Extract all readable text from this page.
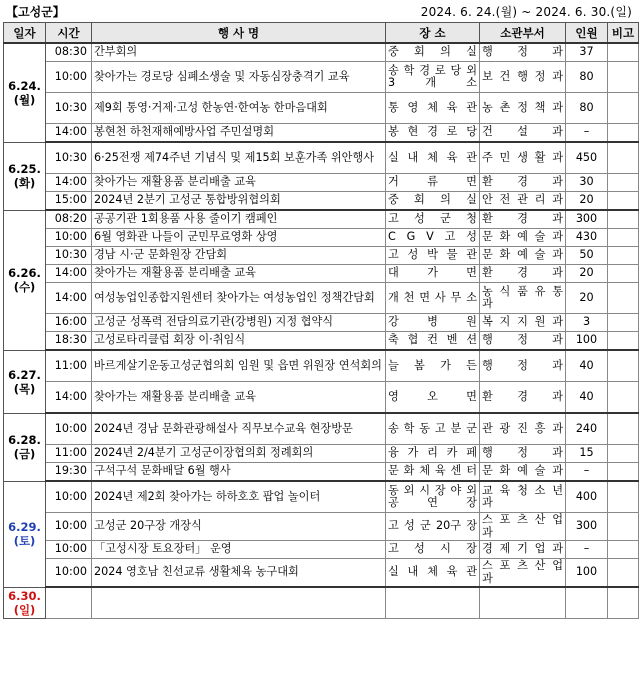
【고성군】	2024. 6. 24.(월) ~ 2024. 6. 30.(일)
일자	시간	행 사 명	장 소	소관부서	인원	비고

6.24.
(월)	08:30	간부회의	중 회 의 실	행 정 과	37	
	10:00	찾아가는 경로당 심폐소생술 및 자동심장충격기 교육	송 학 경 로 당 외 3 개 소	보 건 행 정 과	80	
	10:30	제9회 통영·거제·고성 한농연·한여농 한마음대회	통 영 체 육 관	농 촌 정 책 과	80	
	14:00	봉현천 하천재해예방사업 주민설명회	봉 현 경 로 당	건 설 과	–	

6.25.
(화)	10:30	6·25전쟁 제74주년 기념식 및 제15회 보훈가족 위안행사	실 내 체 육 관	주 민 생 활 과	450	
	14:00	찾아가는 재활용품 분리배출 교육	거 류 면	환 경 과	30	
	15:00	2024년 2분기 고성군 통합방위협의회	중 회 의 실	안 전 관 리 과	20	

6.26.
(수)	08:20	공공기관 1회용품 사용 줄이기 캠페인	고 성 군 청	환 경 과	300	
	10:00	6월 영화관 나들이 군민무료영화 상영	C G V 고 성	문 화 예 술 과	430	
	10:30	경남 시·군 문화원장 간담회	고 성 박 물 관	문 화 예 술 과	50	
	14:00	찾아가는 재활용품 분리배출 교육	대 가 면	환 경 과	20	
	14:00	여성농업인종합지원센터 찾아가는 여성농업인 정책간담회	개 천 면 사 무 소	농 식 품 유 통 과	20	
	16:00	고성군 성폭력 전담의료기관(강병원) 지정 협약식	강 병 원	복 지 지 원 과	3	
	18:30	고성로타리클럽 회장 이·취임식	축 협 컨 벤 션	행 정 과	100	

6.27.
(목)	11:00	바르게살기운동고성군협의회 임원 및 읍면 위원장 연석회의	늘 봄 가 든	행 정 과	40	
	14:00	찾아가는 재활용품 분리배출 교육	영 오 면	환 경 과	40	

6.28.
(금)	10:00	2024년 경남 문화관광해설사 직무보수교육 현장방문	송 학 동 고 분 군	관 광 진 흥 과	240	
	11:00	2024년 2/4분기 고성군이장협의회 정례회의	융 가 리 카 페	행 정 과	15	
	19:30	구석구석 문화배달 6월 행사	문 화 체 육 센 터	문 화 예 술 과	–	

6.29.
(토)	10:00	2024년 제2회 찾아가는 하하호호 팝업 놀이터	동 외 시 장 야 외 공 연 장	교 육 청 소 년 과	400	
	10:00	고성군 20구장 개장식	고 성 군 20구 장	스 포 츠 산 업 과	300	
	10:00	「고성시장 토요장터」 운영	고 성 시 장	경 제 기 업 과	–	
	10:00	2024 영호남 친선교류 생활체육 농구대회	실 내 체 육 관	스 포 츠 산 업 과	100	

6.30.
(일)						
